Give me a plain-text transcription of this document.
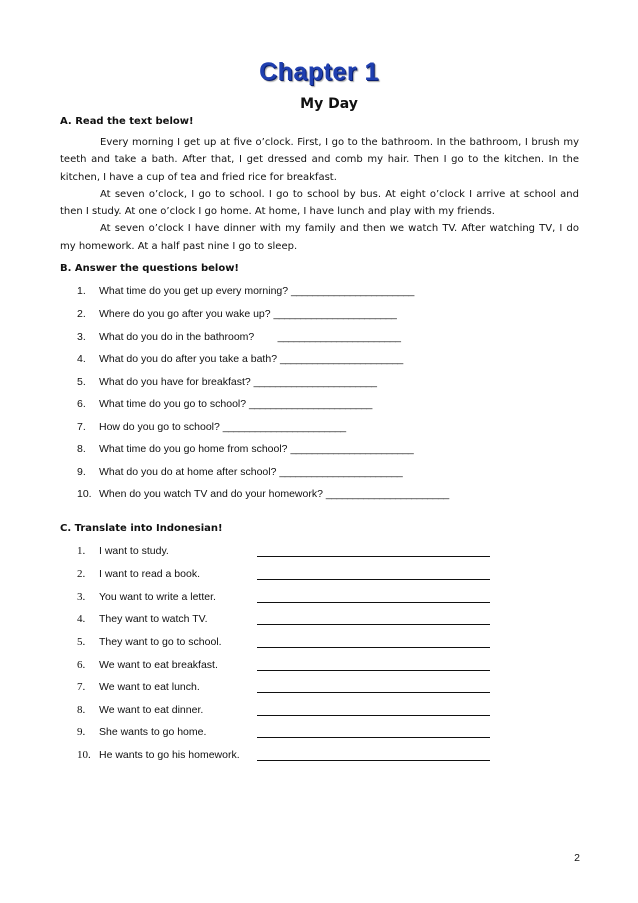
Chapter 1
My Day
A. Read the text below!

Every morning I get up at five o’clock. First, I go to the bathroom. In the bathroom, I brush my teeth and take a bath. After that, I get dressed and comb my hair. Then I go to the kitchen. In the kitchen, I have a cup of tea and fried rice for breakfast.

At seven o’clock, I go to school. I go to school by bus. At eight o’clock I arrive at school and then I study. At one o’clock I go home. At home, I have lunch and play with my friends.

At seven o’clock I have dinner with my family and then we watch TV. After watching TV, I do my homework. At a half past nine I go to sleep.

B. Answer the questions below!
1. What time do you get up every morning? _______________________
2. Where do you go after you wake up? _______________________
3. What do you do in the bathroom?        _______________________
4. What do you do after you take a bath? _______________________
5. What do you have for breakfast? _______________________
6. What time do you go to school? _______________________
7. How do you go to school? _______________________
8. What time do you go home from school? _______________________
9. What do you do at home after school? _______________________
10. When do you watch TV and do your homework? _______________________
C. Translate into Indonesian!
1. I want to study.
2. I want to read a book.
3. You want to write a letter.
4. They want to watch TV.
5. They want to go to school.
6. We want to eat breakfast.
7. We want to eat lunch.
8. We want to eat dinner.
9. She wants to go home.
10. He wants to go his homework.
2
